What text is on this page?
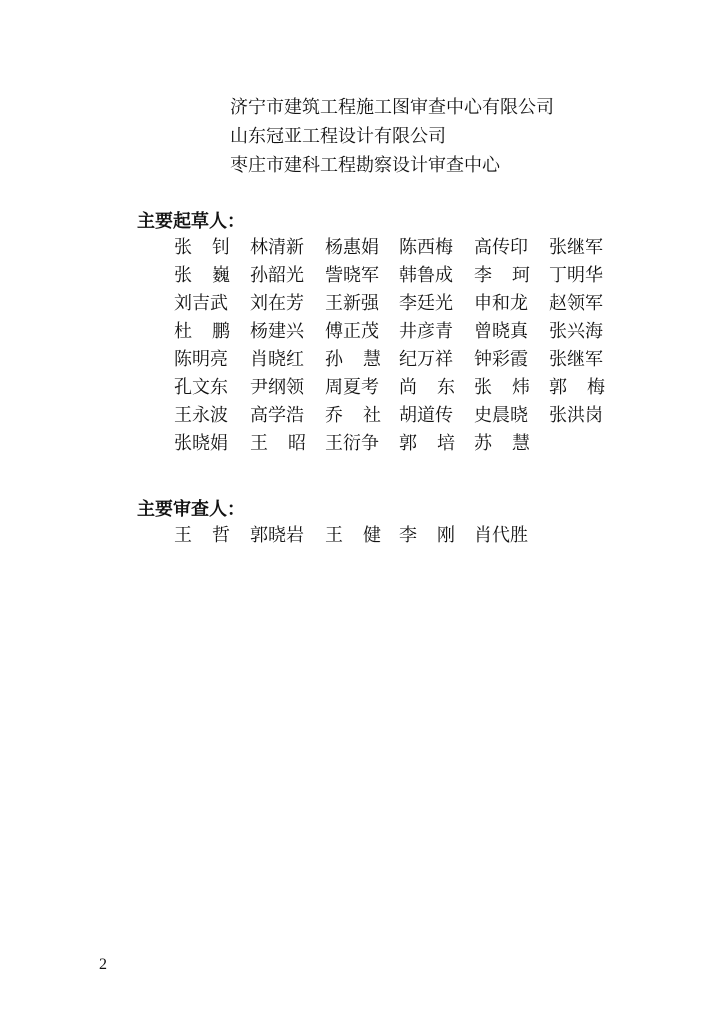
济宁市建筑工程施工图审查中心有限公司
山东冠亚工程设计有限公司
枣庄市建科工程勘察设计审查中心
主要起草人：
张 钊 林清新 杨惠娟 陈西梅 高传印 张继军
张 巍 孙韶光 訾晓军 韩鲁成 李 珂 丁明华
刘吉武 刘在芳 王新强 李廷光 申和龙 赵领军
杜 鹏 杨建兴 傅正茂 井彦青 曾晓真 张兴海
陈明亮 肖晓红 孙 慧 纪万祥 钟彩霞 张继军
孔文东 尹纲领 周夏考 尚 东 张 炜 郭 梅
王永波 高学浩 乔 社 胡道传 史晨晓 张洪岗
张晓娟 王 昭 王衍争 郭 培 苏 慧
主要审查人：
王 哲 郭晓岩 王 健 李 刚 肖代胜
2
